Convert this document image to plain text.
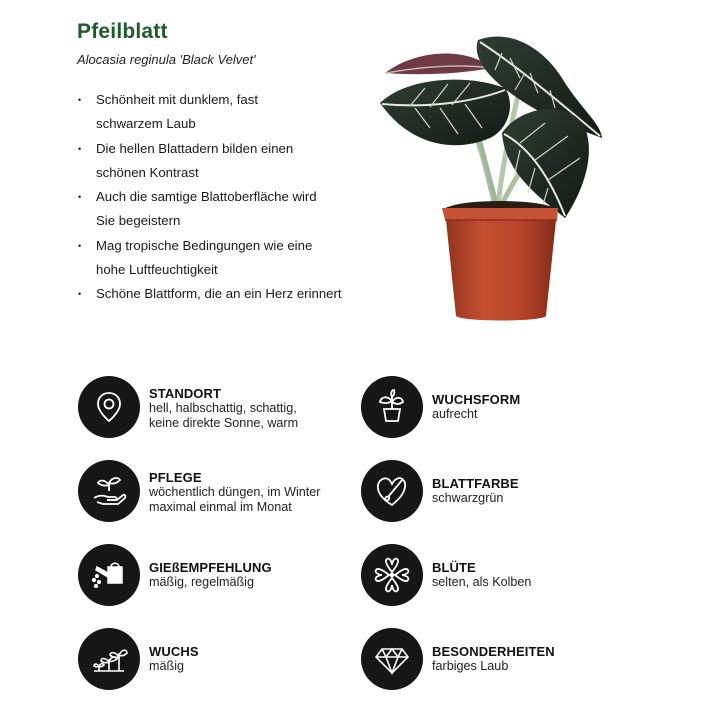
Pfeilblatt
Alocasia reginula 'Black Velvet'
• Schönheit mit dunklem, fast
schwarzem Laub
• Die hellen Blattadern bilden einen
schönen Kontrast
• Auch die samtige Blattoberfläche wird
Sie begeistern
• Mag tropische Bedingungen wie eine
hohe Luftfeuchtigkeit
• Schöne Blattform, die an ein Herz erinnert
STANDORT
hell, halbschattig, schattig,
keine direkte Sonne, warm
WUCHSFORM
aufrecht
PFLEGE
wöchentlich düngen, im Winter
maximal einmal im Monat
BLATTFARBE
schwarzgrün
GIEßEMPFEHLUNG
mäßig, regelmäßig
BLÜTE
selten, als Kolben
WUCHS
mäßig
BESONDERHEITEN
farbiges Laub
